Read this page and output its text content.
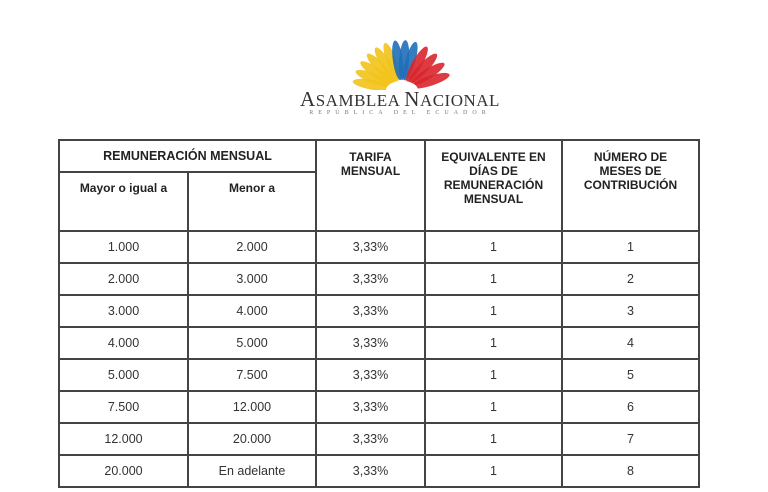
ASAMBLEA NACIONAL
REPÚBLICA DEL ECUADOR
REMUNERACIÓN MENSUAL		TARIFA MENSUAL	EQUIVALENTE EN DÍAS DE REMUNERACIÓN MENSUAL	NÚMERO DE MESES DE CONTRIBUCIÓN

Mayor o igual a	Menor a			
1.000	2.000	3,33%	1	1
2.000	3.000	3,33%	1	2
3.000	4.000	3,33%	1	3
4.000	5.000	3,33%	1	4
5.000	7.500	3,33%	1	5
7.500	12.000	3,33%	1	6
12.000	20.000	3,33%	1	7
20.000	En adelante	3,33%	1	8
